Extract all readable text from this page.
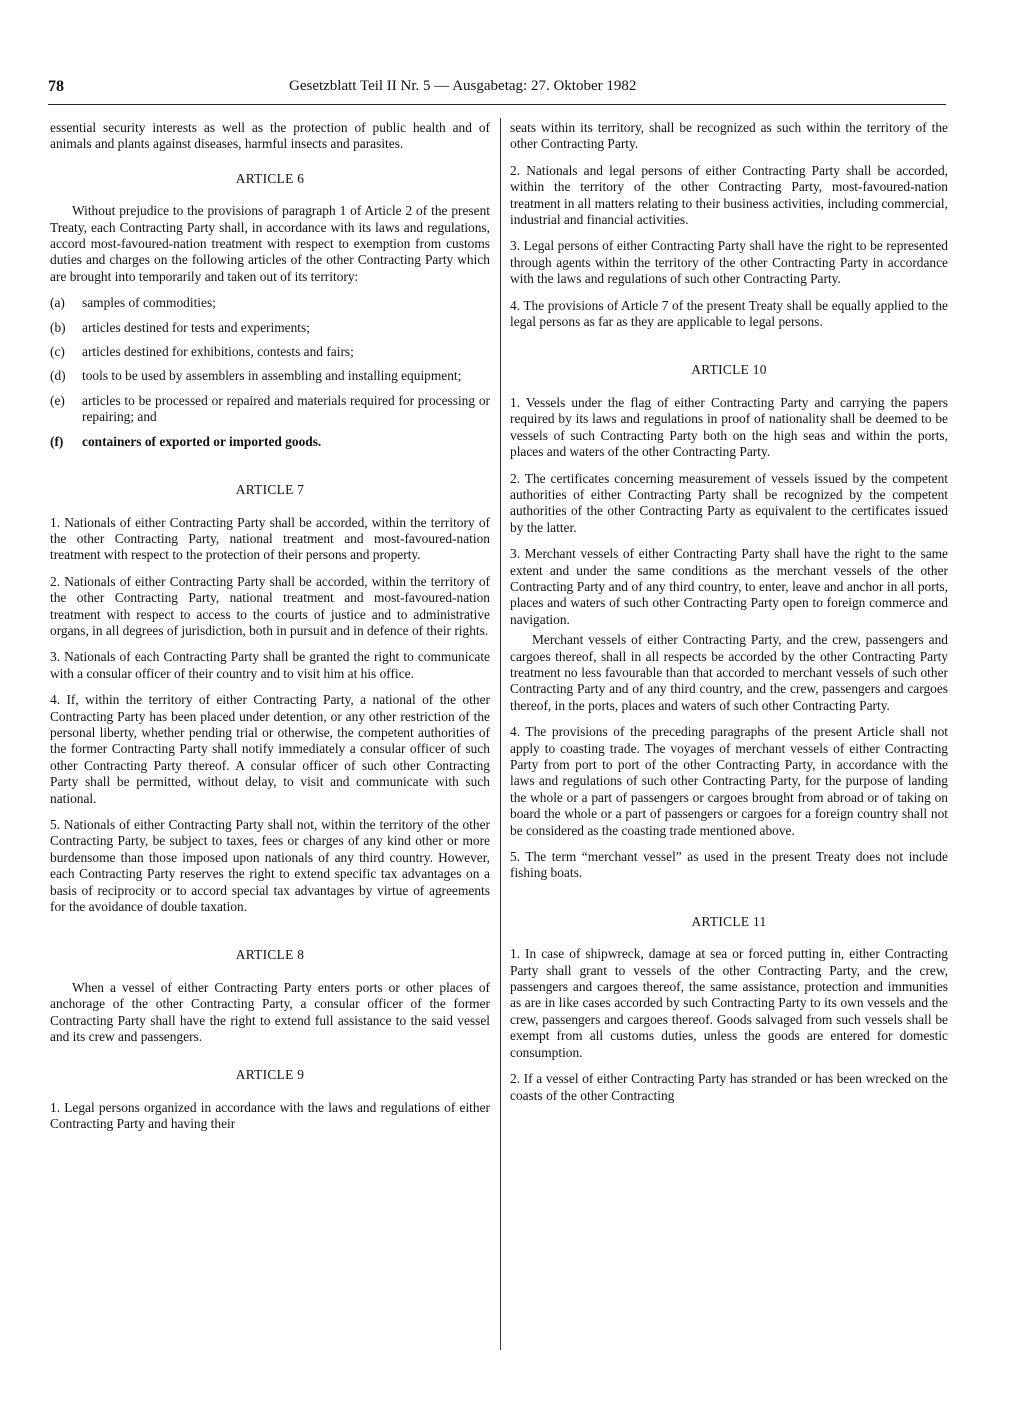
78	Gesetzblatt Teil II Nr. 5 — Ausgabetag: 27. Oktober 1982

essential security interests as well as the protection of public health and of animals and plants against diseases, harmful insects and parasites.

ARTICLE 6

Without prejudice to the provisions of paragraph 1 of Article 2 of the present Treaty, each Contracting Party shall, in accordance with its laws and regulations, accord most-favoured-nation treatment with respect to exemption from customs duties and charges on the following articles of the other Contracting Party which are brought into temporarily and taken out of its territory:

(a)	samples of commodities;
(b)	articles destined for tests and experiments;
(c)	articles destined for exhibitions, contests and fairs;
(d)	tools to be used by assemblers in assembling and installing equipment;
(e)	articles to be processed or repaired and materials required for processing or repairing; and
(f)	containers of exported or imported goods.
ARTICLE 7

1. Nationals of either Contracting Party shall be accorded, within the territory of the other Contracting Party, national treatment and most-favoured-nation treatment with respect to the protection of their persons and property.

2. Nationals of either Contracting Party shall be accorded, within the territory of the other Contracting Party, national treatment and most-favoured-nation treatment with respect to access to the courts of justice and to administrative organs, in all degrees of jurisdiction, both in pursuit and in defence of their rights.

3. Nationals of each Contracting Party shall be granted the right to communicate with a consular officer of their country and to visit him at his office.

4. If, within the territory of either Contracting Party, a national of the other Contracting Party has been placed under detention, or any other restriction of the personal liberty, whether pending trial or otherwise, the competent authorities of the former Contracting Party shall notify immediately a consular officer of such other Contracting Party thereof. A consular officer of such other Contracting Party shall be permitted, without delay, to visit and communicate with such national.

5. Nationals of either Contracting Party shall not, within the territory of the other Contracting Party, be subject to taxes, fees or charges of any kind other or more burdensome than those imposed upon nationals of any third country. However, each Contracting Party reserves the right to extend specific tax advantages on a basis of reciprocity or to accord special tax advantages by virtue of agreements for the avoidance of double taxation.

ARTICLE 8

When a vessel of either Contracting Party enters ports or other places of anchorage of the other Contracting Party, a consular officer of the former Contracting Party shall have the right to extend full assistance to the said vessel and its crew and passengers.

ARTICLE 9

1. Legal persons organized in accordance with the laws and regulations of either Contracting Party and having their

seats within its territory, shall be recognized as such within the territory of the other Contracting Party.

2. Nationals and legal persons of either Contracting Party shall be accorded, within the territory of the other Contracting Party, most-favoured-nation treatment in all matters relating to their business activities, including commercial, industrial and financial activities.

3. Legal persons of either Contracting Party shall have the right to be represented through agents within the territory of the other Contracting Party in accordance with the laws and regulations of such other Contracting Party.

4. The provisions of Article 7 of the present Treaty shall be equally applied to the legal persons as far as they are applicable to legal persons.

ARTICLE 10

1. Vessels under the flag of either Contracting Party and carrying the papers required by its laws and regulations in proof of nationality shall be deemed to be vessels of such Contracting Party both on the high seas and within the ports, places and waters of the other Contracting Party.

2. The certificates concerning measurement of vessels issued by the competent authorities of either Contracting Party shall be recognized by the competent authorities of the other Contracting Party as equivalent to the certificates issued by the latter.

3. Merchant vessels of either Contracting Party shall have the right to the same extent and under the same conditions as the merchant vessels of the other Contracting Party and of any third country, to enter, leave and anchor in all ports, places and waters of such other Contracting Party open to foreign commerce and navigation.

Merchant vessels of either Contracting Party, and the crew, passengers and cargoes thereof, shall in all respects be accorded by the other Contracting Party treatment no less favourable than that accorded to merchant vessels of such other Contracting Party and of any third country, and the crew, passengers and cargoes thereof, in the ports, places and waters of such other Contracting Party.

4. The provisions of the preceding paragraphs of the present Article shall not apply to coasting trade. The voyages of merchant vessels of either Contracting Party from port to port of the other Contracting Party, in accordance with the laws and regulations of such other Contracting Party, for the purpose of landing the whole or a part of passengers or cargoes brought from abroad or of taking on board the whole or a part of passengers or cargoes for a foreign country shall not be considered as the coasting trade mentioned above.

5. The term “merchant vessel” as used in the present Treaty does not include fishing boats.

ARTICLE 11

1. In case of shipwreck, damage at sea or forced putting in, either Contracting Party shall grant to vessels of the other Contracting Party, and the crew, passengers and cargoes thereof, the same assistance, protection and immunities as are in like cases accorded by such Contracting Party to its own vessels and the crew, passengers and cargoes thereof. Goods salvaged from such vessels shall be exempt from all customs duties, unless the goods are entered for domestic consumption.

2. If a vessel of either Contracting Party has stranded or has been wrecked on the coasts of the other Contracting
